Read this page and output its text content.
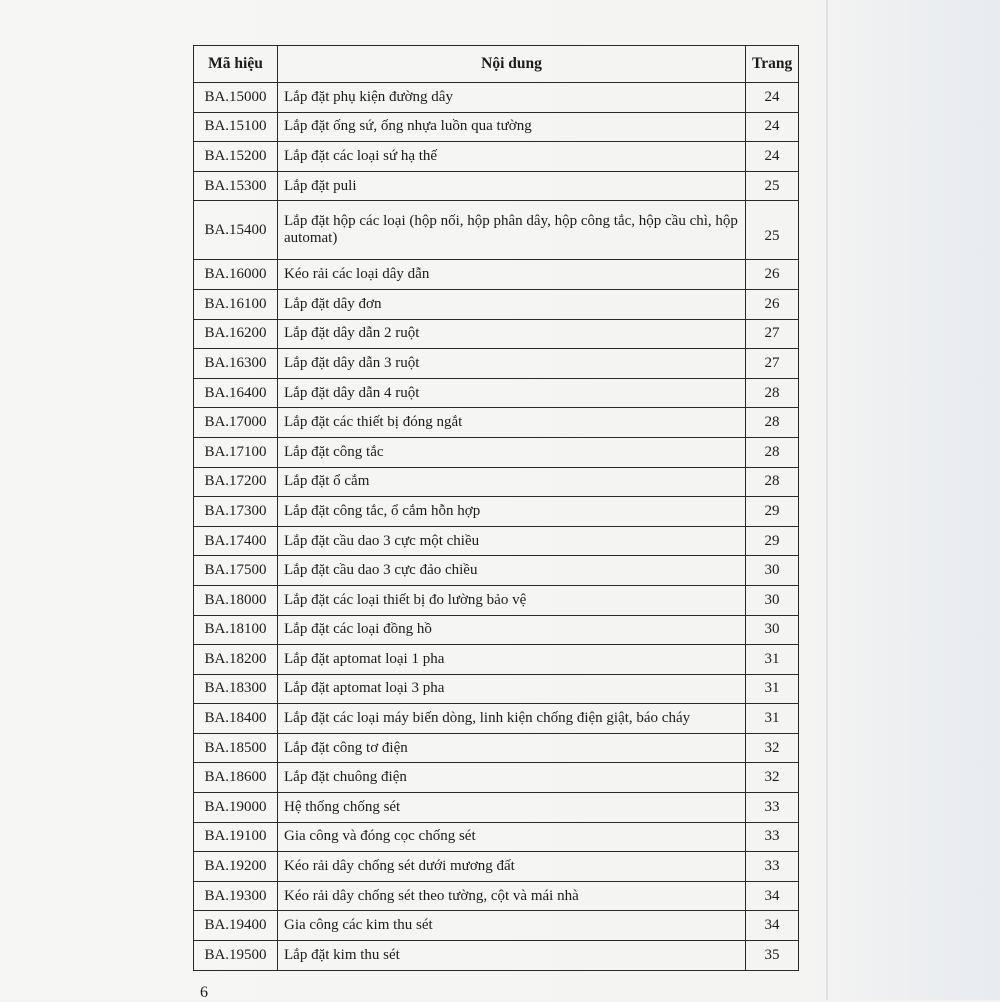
Mã hiệu	Nội dung	Trang
BA.15000	Lắp đặt phụ kiện đường dây	24
BA.15100	Lắp đặt ống sứ, ống nhựa luồn qua tường	24
BA.15200	Lắp đặt các loại sứ hạ thế	24
BA.15300	Lắp đặt puli	25
BA.15400	Lắp đặt hộp các loại (hộp nối, hộp phân dây, hộp công tắc, hộp cầu chì, hộp automat)	25
BA.16000	Kéo rải các loại dây dẫn	26
BA.16100	Lắp đặt dây đơn	26
BA.16200	Lắp đặt dây dẫn 2 ruột	27
BA.16300	Lắp đặt dây dẫn 3 ruột	27
BA.16400	Lắp đặt dây dẫn 4 ruột	28
BA.17000	Lắp đặt các thiết bị đóng ngắt	28
BA.17100	Lắp đặt công tắc	28
BA.17200	Lắp đặt ổ cắm	28
BA.17300	Lắp đặt công tắc, ổ cắm hỗn hợp	29
BA.17400	Lắp đặt cầu dao 3 cực một chiều	29
BA.17500	Lắp đặt cầu dao 3 cực đảo chiều	30
BA.18000	Lắp đặt các loại thiết bị đo lường bảo vệ	30
BA.18100	Lắp đặt các loại đồng hồ	30
BA.18200	Lắp đặt aptomat loại 1 pha	31
BA.18300	Lắp đặt aptomat loại 3 pha	31
BA.18400	Lắp đặt các loại máy biến dòng, linh kiện chống điện giật, báo cháy	31
BA.18500	Lắp đặt công tơ điện	32
BA.18600	Lắp đặt chuông điện	32
BA.19000	Hệ thống chống sét	33
BA.19100	Gia công và đóng cọc chống sét	33
BA.19200	Kéo rải dây chống sét dưới mương đất	33
BA.19300	Kéo rải dây chống sét theo tường, cột và mái nhà	34
BA.19400	Gia công các kim thu sét	34
BA.19500	Lắp đặt kim thu sét	35
6
